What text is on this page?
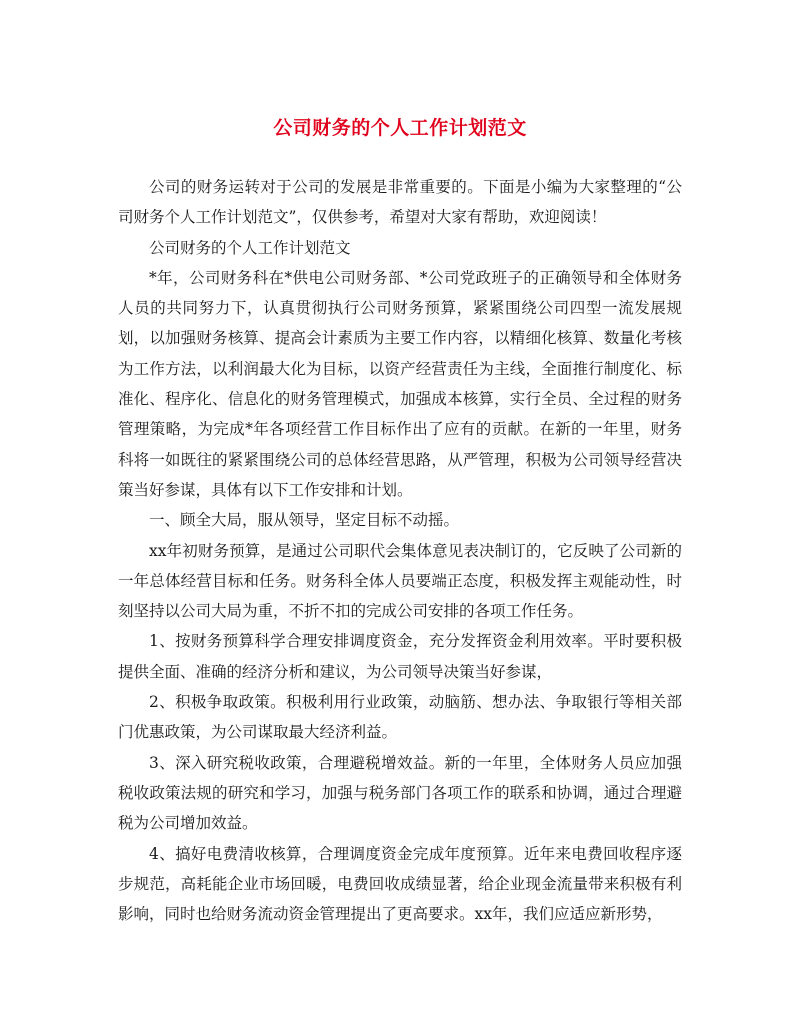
公司财务的个人工作计划范文

公司的财务运转对于公司的发展是非常重要的。下面是小编为大家整理的“公司财务个人工作计划范文”，仅供参考，希望对大家有帮助，欢迎阅读！

公司财务的个人工作计划范文

*年，公司财务科在*供电公司财务部、*公司党政班子的正确领导和全体财务人员的共同努力下，认真贯彻执行公司财务预算，紧紧围绕公司四型一流发展规划，以加强财务核算、提高会计素质为主要工作内容，以精细化核算、数量化考核为工作方法，以利润最大化为目标，以资产经营责任为主线，全面推行制度化、标准化、程序化、信息化的财务管理模式，加强成本核算，实行全员、全过程的财务管理策略，为完成*年各项经营工作目标作出了应有的贡献。在新的一年里，财务科将一如既往的紧紧围绕公司的总体经营思路，从严管理，积极为公司领导经营决策当好参谋，具体有以下工作安排和计划。

一、顾全大局，服从领导，坚定目标不动摇。

xx年初财务预算，是通过公司职代会集体意见表决制订的，它反映了公司新的一年总体经营目标和任务。财务科全体人员要端正态度，积极发挥主观能动性，时刻坚持以公司大局为重，不折不扣的完成公司安排的各项工作任务。

1、按财务预算科学合理安排调度资金，充分发挥资金利用效率。平时要积极提供全面、准确的经济分析和建议，为公司领导决策当好参谋，

2、积极争取政策。积极利用行业政策，动脑筋、想办法、争取银行等相关部门优惠政策，为公司谋取最大经济利益。

3、深入研究税收政策，合理避税增效益。新的一年里，全体财务人员应加强税收政策法规的研究和学习，加强与税务部门各项工作的联系和协调，通过合理避税为公司增加效益。

4、搞好电费清收核算，合理调度资金完成年度预算。近年来电费回收程序逐步规范，高耗能企业市场回暖，电费回收成绩显著，给企业现金流量带来积极有利影响，同时也给财务流动资金管理提出了更高要求。xx年，我们应适应新形势，
